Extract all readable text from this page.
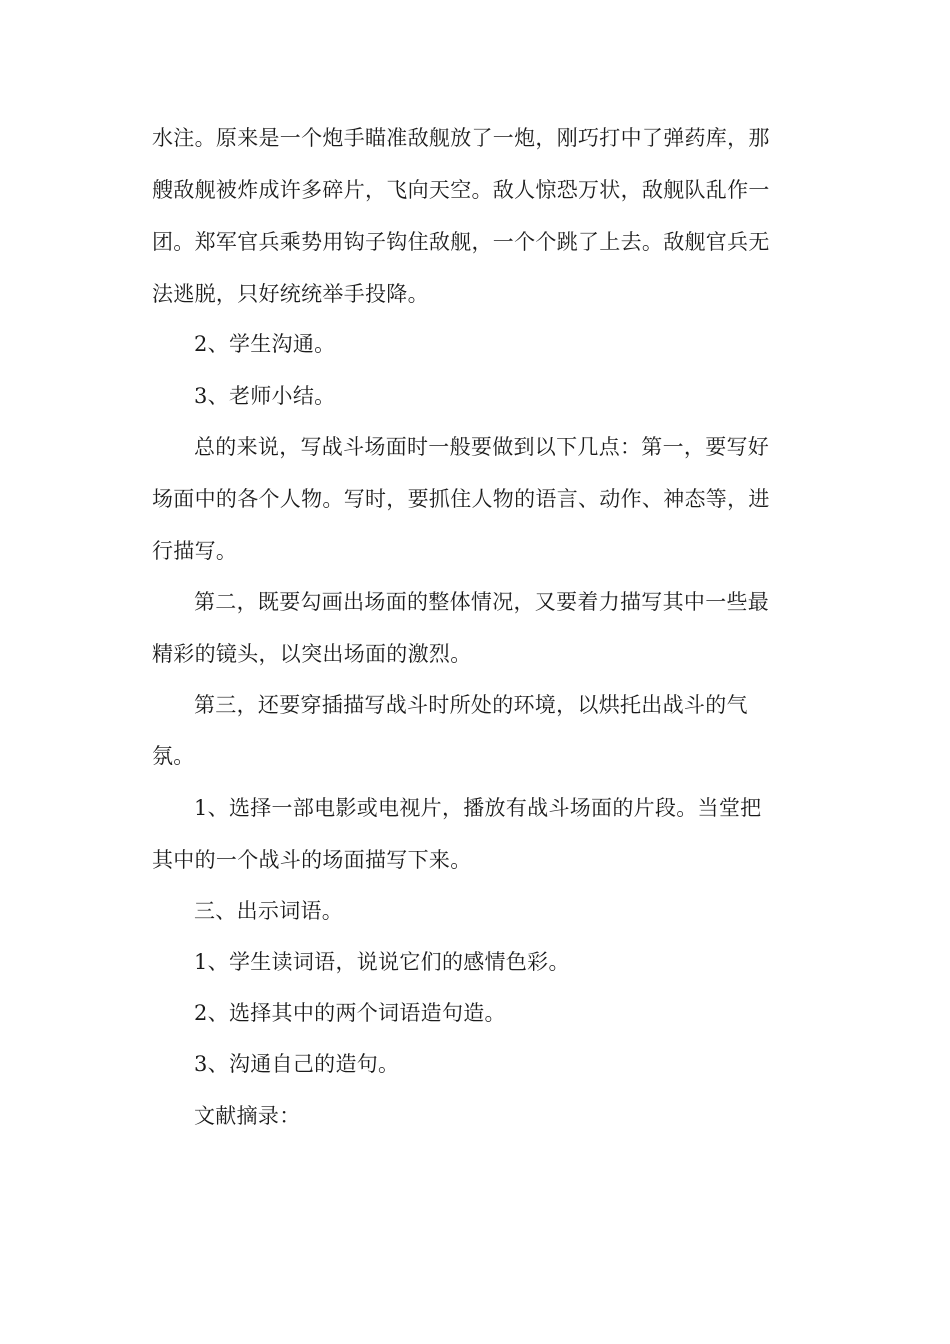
水注。原来是一个炮手瞄准敌舰放了一炮，刚巧打中了弹药库，那
艘敌舰被炸成许多碎片，飞向天空。敌人惊恐万状，敌舰队乱作一
团。郑军官兵乘势用钩子钩住敌舰，一个个跳了上去。敌舰官兵无
法逃脱，只好统统举手投降。
2、学生沟通。
3、老师小结。
总的来说，写战斗场面时一般要做到以下几点：第一，要写好
场面中的各个人物。写时，要抓住人物的语言、动作、神态等，进
行描写。
第二，既要勾画出场面的整体情况，又要着力描写其中一些最
精彩的镜头，以突出场面的激烈。
第三，还要穿插描写战斗时所处的环境，以烘托出战斗的气
氛。
1、选择一部电影或电视片，播放有战斗场面的片段。当堂把
其中的一个战斗的场面描写下来。
三、出示词语。
1、学生读词语，说说它们的感情色彩。
2、选择其中的两个词语造句造。
3、沟通自己的造句。
文献摘录：
